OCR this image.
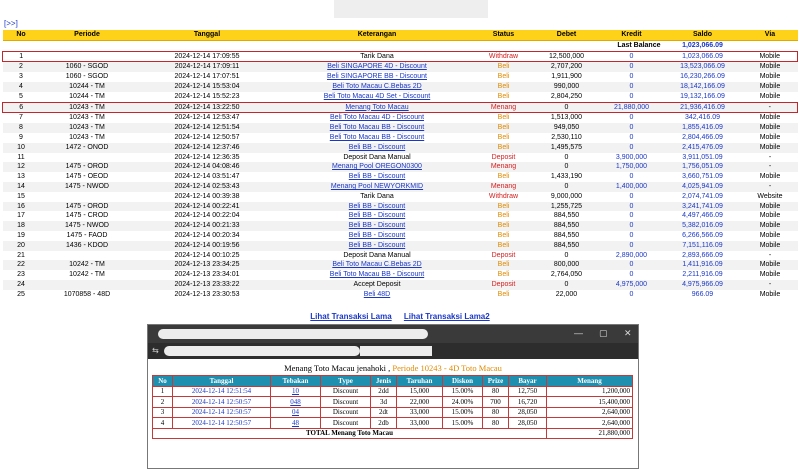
[>>]
No	Periode	Tanggal	Keterangan	Status	Debet	Kredit	Saldo	Via
Last Balance							1,023,066.09	
1		2024-12-14 17:09:55	Tarik Dana	Withdraw	12,500,000	0	1,023,066.09	Mobile
2	1060 - SGOD	2024-12-14 17:09:11	Beli SINGAPORE 4D - Discount	Beli	2,707,200	0	13,523,066.09	Mobile
3	1060 - SGOD	2024-12-14 17:07:51	Beli SINGAPORE BB - Discount	Beli	1,911,900	0	16,230,266.09	Mobile
4	10244 - TM	2024-12-14 15:53:04	Beli Toto Macau C.Bebas 2D	Beli	990,000	0	18,142,166.09	Mobile
5	10244 - TM	2024-12-14 15:52:23	Beli Toto Macau 4D Set - Discount	Beli	2,804,250	0	19,132,166.09	Mobile
6	10243 - TM	2024-12-14 13:22:50	Menang Toto Macau	Menang	0	21,880,000	21,936,416.09	-
7	10243 - TM	2024-12-14 12:53:47	Beli Toto Macau 4D - Discount	Beli	1,513,000	0	342,416.09	Mobile
8	10243 - TM	2024-12-14 12:51:54	Beli Toto Macau BB - Discount	Beli	949,050	0	1,855,416.09	Mobile
9	10243 - TM	2024-12-14 12:50:57	Beli Toto Macau BB - Discount	Beli	2,530,110	0	2,804,466.09	Mobile
10	1472 - ONOD	2024-12-14 12:37:46	Beli BB - Discount	Beli	1,495,575	0	2,415,476.09	Mobile
11		2024-12-14 12:36:35	Deposit Dana Manual	Deposit	0	3,900,000	3,911,051.09	-
12	1475 - OROD	2024-12-14 04:08:46	Menang Pool OREGON0300	Menang	0	1,750,000	1,756,051.09	-
13	1475 - OEOD	2024-12-14 03:51:47	Beli BB - Discount	Beli	1,433,190	0	3,660,751.09	Mobile
14	1475 - NWOD	2024-12-14 02:53:43	Menang Pool NEWYORKMID	Menang	0	1,400,000	4,025,941.09	-
15		2024-12-14 00:39:38	Tarik Dana	Withdraw	9,000,000	0	2,074,741.09	Website
16	1475 - OROD	2024-12-14 00:22:41	Beli BB - Discount	Beli	1,255,725	0	3,241,741.09	Mobile
17	1475 - CROD	2024-12-14 00:22:04	Beli BB - Discount	Beli	884,550	0	4,497,466.09	Mobile
18	1475 - NWOD	2024-12-14 00:21:33	Beli BB - Discount	Beli	884,550	0	5,382,016.09	Mobile
19	1475 - FAOD	2024-12-14 00:20:34	Beli BB - Discount	Beli	884,550	0	6,266,566.09	Mobile
20	1436 - KDOD	2024-12-14 00:19:56	Beli BB - Discount	Beli	884,550	0	7,151,116.09	Mobile
21		2024-12-14 00:10:25	Deposit Dana Manual	Deposit	0	2,890,000	2,893,666.09	-
22	10242 - TM	2024-12-13 23:34:25	Beli Toto Macau C.Bebas 2D	Beli	800,000	0	1,411,916.09	Mobile
23	10242 - TM	2024-12-13 23:34:01	Beli Toto Macau BB - Discount	Beli	2,764,050	0	2,211,916.09	Mobile
24		2024-12-13 23:33:22	Accept Deposit	Deposit	0	4,975,000	4,975,966.09	-
25	1070858 - 48D	2024-12-13 23:30:53	Beli 48D	Beli	22,000	0	966.09	Mobile
Lihat Transaksi Lama Lihat Transaksi Lama2
— ▢ ✕
⇆
Menang Toto Macau jenahoki , Periode 10243 - 4D Toto Macau
No	Tanggal	Tebakan	Type	Jenis	Taruhan	Diskon	Prize	Bayar	Menang
1	2024-12-14 12:51:54	10	Discount	2dd	15,000	15.00%	80	12,750	1,200,000
2	2024-12-14 12:50:57	048	Discount	3d	22,000	24.00%	700	16,720	15,400,000
3	2024-12-14 12:50:57	04	Discount	2dt	33,000	15.00%	80	28,050	2,640,000
4	2024-12-14 12:50:57	48	Discount	2db	33,000	15.00%	80	28,050	2,640,000
TOTAL Menang Toto Macau									21,880,000
